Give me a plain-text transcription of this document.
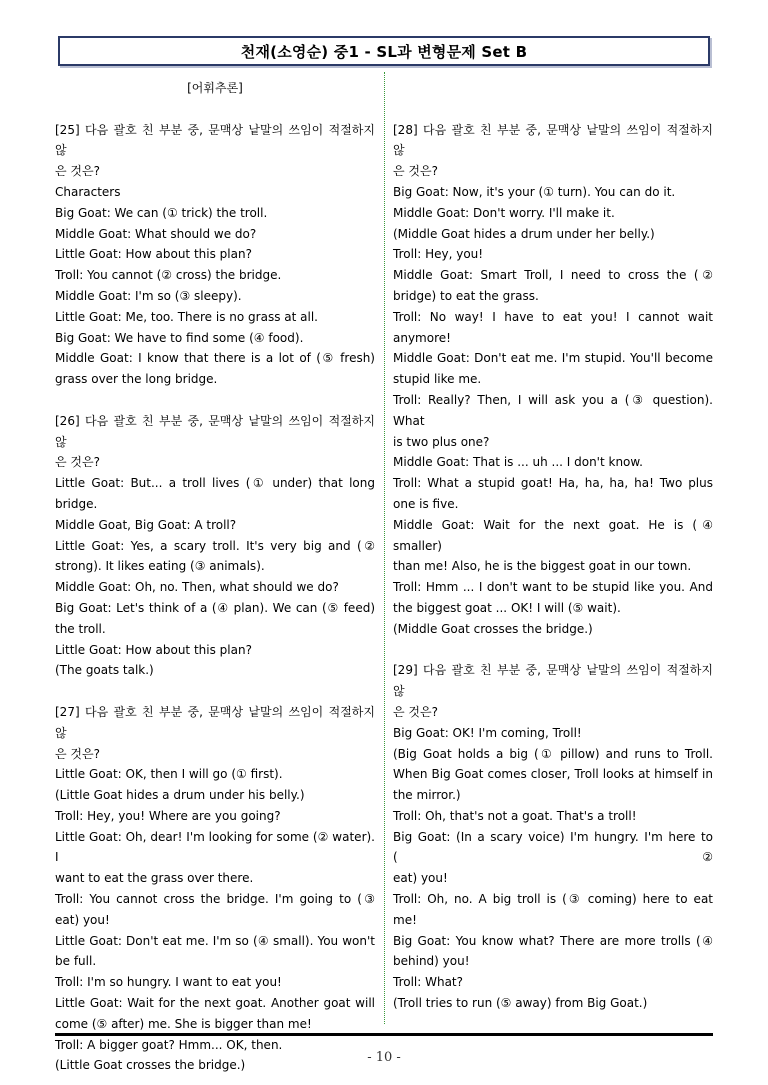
천재(소영순) 중1 - SL과 변형문제 Set B
[어휘추론]
[25] 다음 괄호 친 부분 중, 문맥상 낱말의 쓰임이 적절하지 않
은 것은?
Characters
Big Goat: We can (① trick) the troll.
Middle Goat: What should we do?
Little Goat: How about this plan?
Troll: You cannot (② cross) the bridge.
Middle Goat: I'm so (③ sleepy).
Little Goat: Me, too. There is no grass at all.
Big Goat: We have to find some (④ food).
Middle Goat: I know that there is a lot of (⑤ fresh)
grass over the long bridge.
[26] 다음 괄호 친 부분 중, 문맥상 낱말의 쓰임이 적절하지 않
은 것은?
Little Goat: But... a troll lives (① under) that long
bridge.
Middle Goat, Big Goat: A troll?
Little Goat: Yes, a scary troll. It's very big and (②
strong). It likes eating (③ animals).
Middle Goat: Oh, no. Then, what should we do?
Big Goat: Let's think of a (④ plan). We can (⑤ feed)
the troll.
Little Goat: How about this plan?
(The goats talk.)
[27] 다음 괄호 친 부분 중, 문맥상 낱말의 쓰임이 적절하지 않
은 것은?
Little Goat: OK, then I will go (① first).
(Little Goat hides a drum under his belly.)
Troll: Hey, you! Where are you going?
Little Goat: Oh, dear! I'm looking for some (② water). I
want to eat the grass over there.
Troll: You cannot cross the bridge. I'm going to (③
eat) you!
Little Goat: Don't eat me. I'm so (④ small). You won't
be full.
Troll: I'm so hungry. I want to eat you!
Little Goat: Wait for the next goat. Another goat will
come (⑤ after) me. She is bigger than me!
Troll: A bigger goat? Hmm... OK, then.
(Little Goat crosses the bridge.)
[28] 다음 괄호 친 부분 중, 문맥상 낱말의 쓰임이 적절하지 않
은 것은?
Big Goat: Now, it's your (① turn). You can do it.
Middle Goat: Don't worry. I'll make it.
(Middle Goat hides a drum under her belly.)
Troll: Hey, you!
Middle Goat: Smart Troll, I need to cross the (②
bridge) to eat the grass.
Troll: No way! I have to eat you! I cannot wait
anymore!
Middle Goat: Don't eat me. I'm stupid. You'll become
stupid like me.
Troll: Really? Then, I will ask you a (③ question). What
is two plus one?
Middle Goat: That is ... uh ... I don't know.
Troll: What a stupid goat! Ha, ha, ha, ha! Two plus
one is five.
Middle Goat: Wait for the next goat. He is (④ smaller)
than me! Also, he is the biggest goat in our town.
Troll: Hmm ... I don't want to be stupid like you. And
the biggest goat ... OK! I will (⑤ wait).
(Middle Goat crosses the bridge.)
[29] 다음 괄호 친 부분 중, 문맥상 낱말의 쓰임이 적절하지 않
은 것은?
Big Goat: OK! I'm coming, Troll!
(Big Goat holds a big (① pillow) and runs to Troll.
When Big Goat comes closer, Troll looks at himself in
the mirror.)
Troll: Oh, that's not a goat. That's a troll!
Big Goat: (In a scary voice) I'm hungry. I'm here to (②
eat) you!
Troll: Oh, no. A big troll is (③ coming) here to eat
me!
Big Goat: You know what? There are more trolls (④
behind) you!
Troll: What?
(Troll tries to run (⑤ away) from Big Goat.)
- 10 -
